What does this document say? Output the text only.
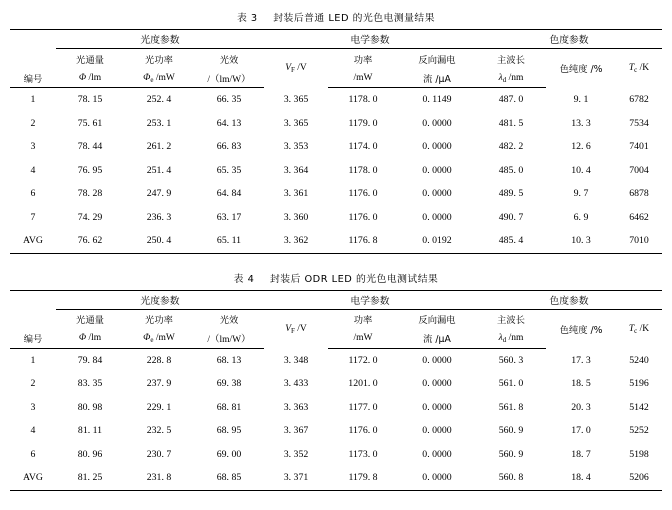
表 3 封装后普通 LED 的光色电测量结果
	光度参数			电学参数			色度参数		
	光通量	光功率	光效	$V_F$ /V	功率	反向漏电	主波长	色纯度 /%	$T_c$ /K
编号	Φ /lm	$\Phi_e$ /mW	/（lm/W）		/mW	流 /μA	$\lambda_d$ /nm		
1	78. 15	252. 4	66. 35	3. 365	1178. 0	0. 1149	487. 0	9. 1	6782
2	75. 61	253. 1	64. 13	3. 365	1179. 0	0. 0000	481. 5	13. 3	7534
3	78. 44	261. 2	66. 83	3. 353	1174. 0	0. 0000	482. 2	12. 6	7401
4	76. 95	251. 4	65. 35	3. 364	1178. 0	0. 0000	485. 0	10. 4	7004
6	78. 28	247. 9	64. 84	3. 361	1176. 0	0. 0000	489. 5	9. 7	6878
7	74. 29	236. 3	63. 17	3. 360	1176. 0	0. 0000	490. 7	6. 9	6462
AVG	76. 62	250. 4	65. 11	3. 362	1176. 8	0. 0192	485. 4	10. 3	7010
表 4 封装后 ODR LED 的光色电测试结果
	光度参数			电学参数			色度参数		
	光通量	光功率	光效	$V_F$ /V	功率	反向漏电	主波长	色纯度 /%	$T_c$ /K
编号	Φ /lm	$\Phi_e$ /mW	/（lm/W）		/mW	流 /μA	$\lambda_d$ /nm		
1	79. 84	228. 8	68. 13	3. 348	1172. 0	0. 0000	560. 3	17. 3	5240
2	83. 35	237. 9	69. 38	3. 433	1201. 0	0. 0000	561. 0	18. 5	5196
3	80. 98	229. 1	68. 81	3. 363	1177. 0	0. 0000	561. 8	20. 3	5142
4	81. 11	232. 5	68. 95	3. 367	1176. 0	0. 0000	560. 9	17. 0	5252
6	80. 96	230. 7	69. 00	3. 352	1173. 0	0. 0000	560. 9	18. 7	5198
AVG	81. 25	231. 8	68. 85	3. 371	1179. 8	0. 0000	560. 8	18. 4	5206
